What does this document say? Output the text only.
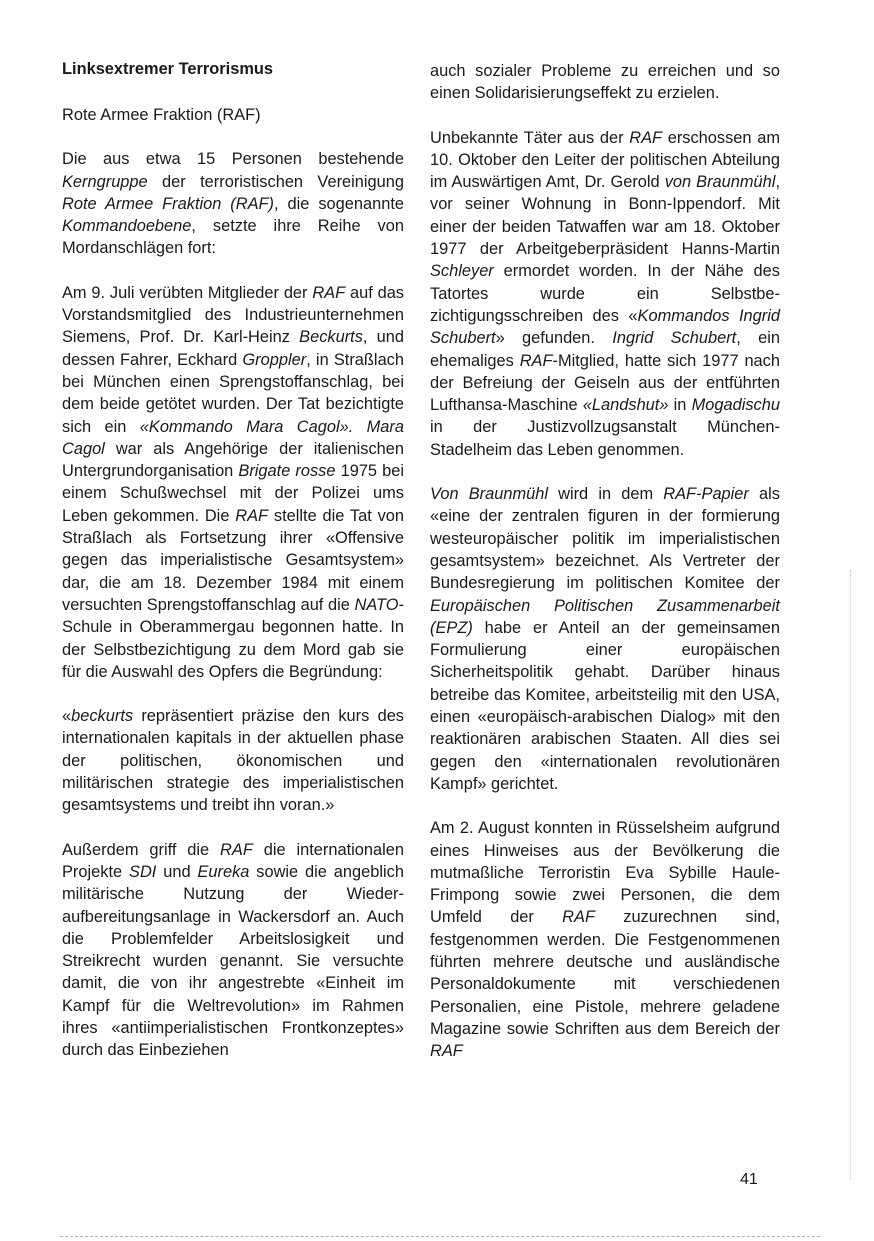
Linksextremer Terrorismus

Rote Armee Fraktion (RAF)

Die aus etwa 15 Personen bestehende Kerngruppe der terroristischen Vereinigung Rote Armee Fraktion (RAF), die sogenannte Kommandoebene, setzte ihre Reihe von Mordanschlägen fort:

Am 9. Juli verübten Mitglieder der RAF auf das Vorstandsmitglied des Industrieunternehmen Siemens, Prof. Dr. Karl-Heinz Beckurts, und dessen Fahrer, Eckhard Groppler, in Straßlach bei München einen Sprengstoffanschlag, bei dem beide getötet wurden. Der Tat bezichtigte sich ein «Kommando Mara Cagol». Mara Cagol war als Angehörige der italienischen Untergrundorganisation Brigate rosse 1975 bei einem Schußwechsel mit der Polizei ums Leben gekommen. Die RAF stellte die Tat von Straßlach als Fortsetzung ihrer «Offensive gegen das imperialistische Gesamtsystem» dar, die am 18. Dezember 1984 mit einem versuchten Sprengstoffanschlag auf die NATO-Schule in Oberammergau begonnen hatte. In der Selbstbezichtigung zu dem Mord gab sie für die Auswahl des Opfers die Begründung:

«beckurts repräsentiert präzise den kurs des internationalen kapitals in der aktuellen phase der politischen, ökonomischen und militärischen strategie des imperialistischen gesamtsystems und treibt ihn voran.»

Außerdem griff die RAF die internationalen Projekte SDI und Eureka sowie die angeblich militärische Nutzung der Wiederaufbereitungsanlage in Wackersdorf an. Auch die Problemfelder Arbeitslosigkeit und Streikrecht wurden genannt. Sie versuchte damit, die von ihr angestrebte «Einheit im Kampf für die Weltrevolution» im Rahmen ihres «antiimperialistischen Frontkonzeptes» durch das Einbeziehen

auch sozialer Probleme zu erreichen und so einen Solidarisierungseffekt zu erzielen.

Unbekannte Täter aus der RAF erschossen am 10. Oktober den Leiter der politischen Abteilung im Auswärtigen Amt, Dr. Gerold von Braunmühl, vor seiner Wohnung in Bonn-Ippendorf. Mit einer der beiden Tatwaffen war am 18. Oktober 1977 der Arbeitgeberpräsident Hanns-Martin Schleyer ermordet worden. In der Nähe des Tatortes wurde ein Selbstbezichtigungsschreiben des «Kommandos Ingrid Schubert» gefunden. Ingrid Schubert, ein ehemaliges RAF-Mitglied, hatte sich 1977 nach der Befreiung der Geiseln aus der entführten Lufthansa-Maschine «Landshut» in Mogadischu in der Justizvollzugsanstalt München-Stadelheim das Leben genommen.

Von Braunmühl wird in dem RAF-Papier als «eine der zentralen figuren in der formierung westeuropäischer politik im imperialistischen gesamtsystem» bezeichnet. Als Vertreter der Bundesregierung im politischen Komitee der Europäischen Politischen Zusammenarbeit (EPZ) habe er Anteil an der gemeinsamen Formulierung einer europäischen Sicherheitspolitik gehabt. Darüber hinaus betreibe das Komitee, arbeitsteilig mit den USA, einen «europäisch-arabischen Dialog» mit den reaktionären arabischen Staaten. All dies sei gegen den «internationalen revolutionären Kampf» gerichtet.

Am 2. August konnten in Rüsselsheim aufgrund eines Hinweises aus der Bevölkerung die mutmaßliche Terroristin Eva Sybille Haule-Frimpong sowie zwei Personen, die dem Umfeld der RAF zuzurechnen sind, festgenommen werden. Die Festgenommenen führten mehrere deutsche und ausländische Personaldokumente mit verschiedenen Personalien, eine Pistole, mehrere geladene Magazine sowie Schriften aus dem Bereich der RAF

41
